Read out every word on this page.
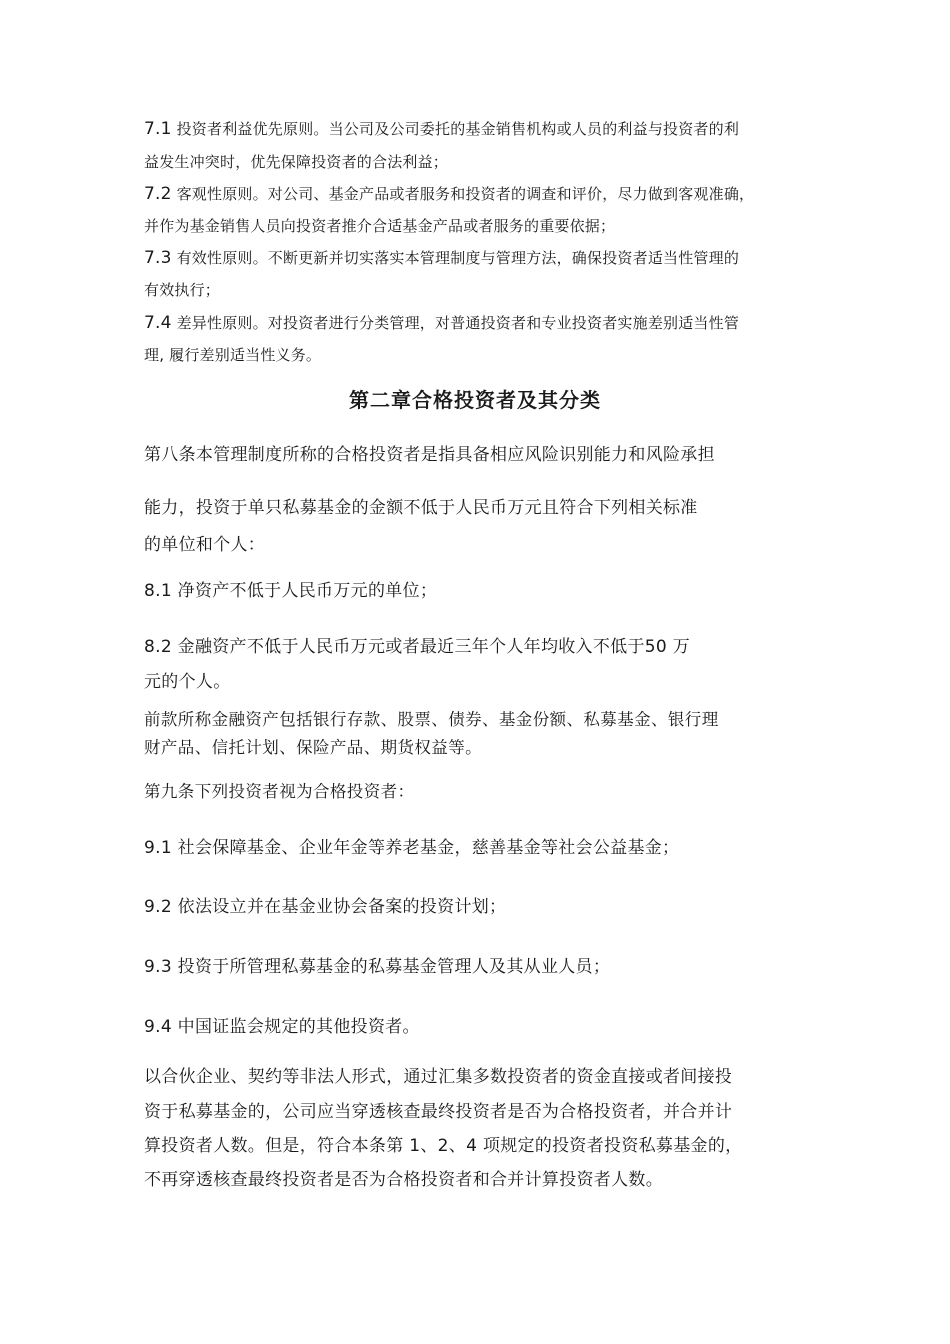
7.1 投资者利益优先原则。当公司及公司委托的基金销售机构或人员的利益与投资者的利

益发生冲突时，优先保障投资者的合法利益；

7.2 客观性原则。对公司、基金产品或者服务和投资者的调查和评价，尽力做到客观准确，

并作为基金销售人员向投资者推介合适基金产品或者服务的重要依据；

7.3 有效性原则。不断更新并切实落实本管理制度与管理方法，确保投资者适当性管理的

有效执行；

7.4 差异性原则。对投资者进行分类管理，对普通投资者和专业投资者实施差别适当性管

理, 履行差别适当性义务。

第二章合格投资者及其分类

第八条本管理制度所称的合格投资者是指具备相应风险识别能力和风险承担

能力，投资于单只私募基金的金额不低于人民币万元且符合下列相关标准

的单位和个人：

8.1 净资产不低于人民币万元的单位；

8.2 金融资产不低于人民币万元或者最近三年个人年均收入不低于50 万

元的个人。

前款所称金融资产包括银行存款、股票、债券、基金份额、私募基金、银行理

财产品、信托计划、保险产品、期货权益等。

第九条下列投资者视为合格投资者：

9.1 社会保障基金、企业年金等养老基金，慈善基金等社会公益基金；

9.2 依法设立并在基金业协会备案的投资计划；

9.3 投资于所管理私募基金的私募基金管理人及其从业人员；

9.4 中国证监会规定的其他投资者。

以合伙企业、契约等非法人形式，通过汇集多数投资者的资金直接或者间接投

资于私募基金的，公司应当穿透核查最终投资者是否为合格投资者，并合并计

算投资者人数。但是，符合本条第 1、2、4 项规定的投资者投资私募基金的，

不再穿透核查最终投资者是否为合格投资者和合并计算投资者人数。
